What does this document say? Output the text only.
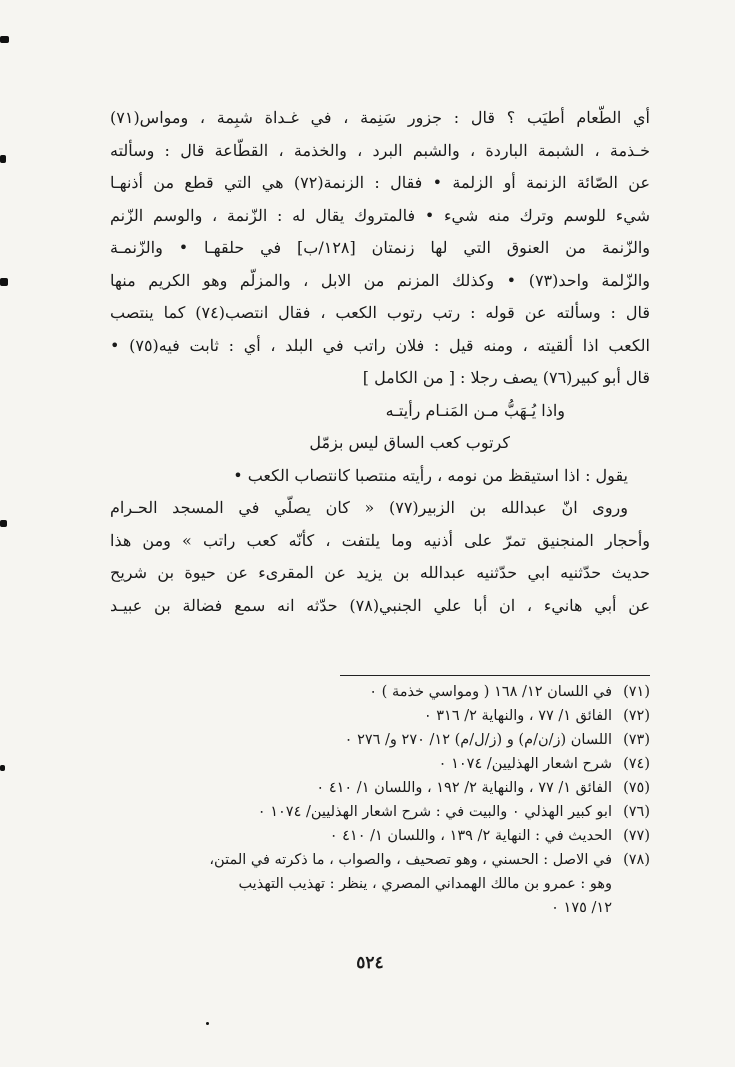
أي الطّعام أطيَب ؟ قال : جزور سَنِمة ، في غـداة شبِمة ، ومواس(٧١)
خـذمة ، الشبمة الباردة ، والشبم البرد ، والخذمة ، القطّاعة قال : وسألته
عن الصّائة الزنمة أو الزلمة • فقال : الزنمة(٧٢) هي التي قطع من أذنهـا
شيء للوسم وترك منه شيء • فالمتروك يقال له : الزّنمة ، والوسم الزّنم
والزّنمة من العنوق التي لها زنمتان [١٢٨/ب] في حلقهـا • والزّنمـة
والزّلمة واحد(٧٣) • وكذلك المزنم من الابل ، والمزلّم وهو الكريم منها
قال : وسألته عن قوله : رتب رتوب الكعب ، فقال انتصب(٧٤) كما ينتصب
الكعب اذا ألقيته ، ومنه قيل : فلان راتب في البلد ، أي : ثابت فيه(٧٥) •
قال أبو كبير(٧٦) يصف رجلا : [ من الكامل ]
واذا يُـهَبُّ مـن المَنـام رأيتـه
كرتوب كعب الساق ليس بزمّل
يقول : اذا استيقظ من نومه ، رأيته منتصبا كانتصاب الكعب •
وروى انّ عبدالله بن الزبير(٧٧) « كان يصلّي في المسجد الحـرام
وأحجار المنجنيق تمرّ على أذنيه وما يلتفت ، كأنّه كعب راتب » ومن هذا
حديث حدّثنيه ابي حدّثنيه عبدالله بن يزيد عن المقرىء عن حيوة بن شريح
عن أبي هانيء ، ان أبا علي الجنبي(٧٨) حدّثه انه سمع فضالة بن عبيـد
(٧١)
في اللسان ١٢/ ١٦٨ ( ومواسي خذمة ) ٠
(٧٢)
الفائق ١/ ٧٧ ، والنهاية ٢/ ٣١٦ ٠
(٧٣)
اللسان (ز/ن/م) و (ز/ل/م) ١٢/ ٢٧٠ و/ ٢٧٦ ٠
(٧٤)
شرح اشعار الهذليين/ ١٠٧٤ ٠
(٧٥)
الفائق ١/ ٧٧ ، والنهاية ٢/ ١٩٢ ، واللسان ١/ ٤١٠ ٠
(٧٦)
ابو كبير الهذلي ٠ والبيت في : شرح اشعار الهذليين/ ١٠٧٤ ٠
(٧٧)
الحديث في : النهاية ٢/ ١٣٩ ، واللسان ١/ ٤١٠ ٠
(٧٨)
في الاصل : الحسني ، وهو تصحيف ، والصواب ، ما ذكرته في المتن،
وهو : عمرو بن مالك الهمداني المصري ، ينظر : تهذيب التهذيب
١٢/ ١٧٥ ٠
٥٢٤
